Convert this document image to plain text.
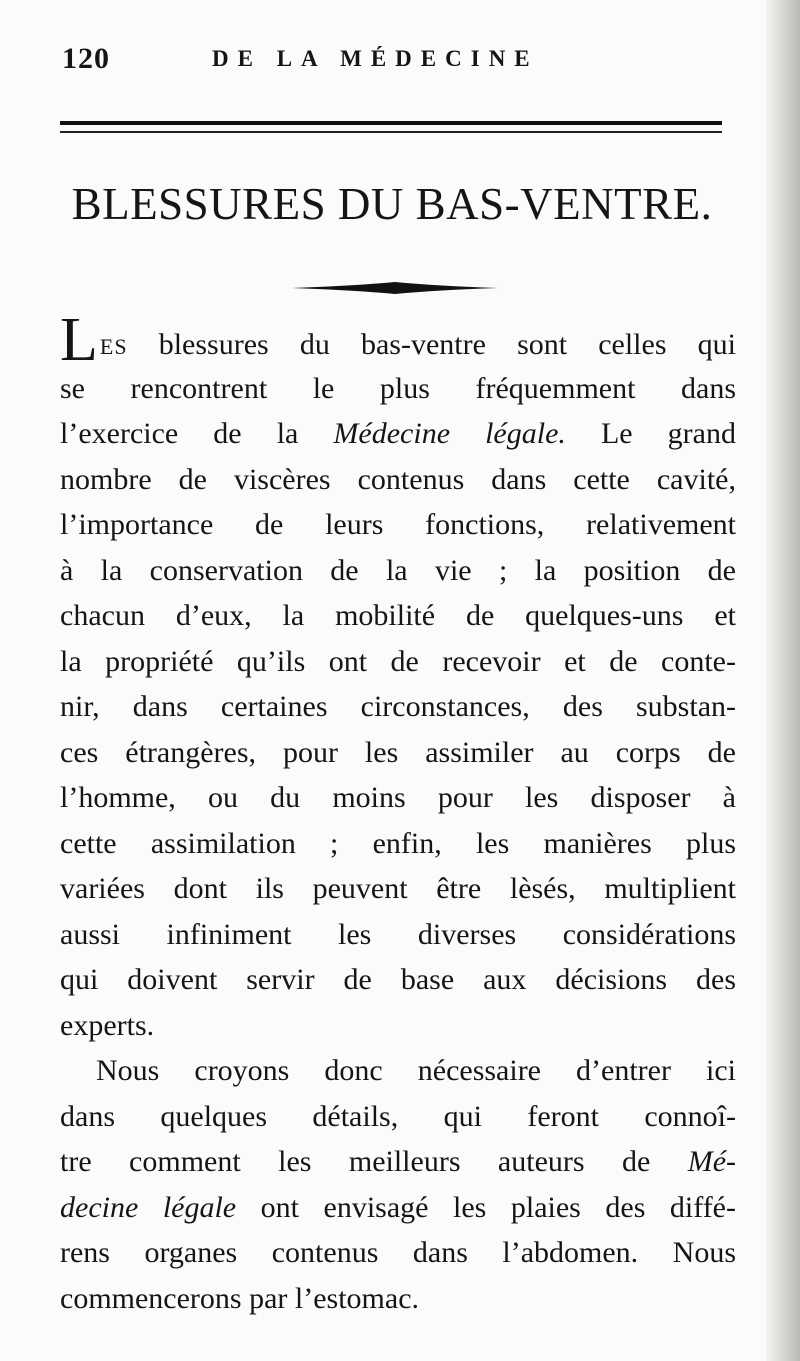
120	DE LA MÉDECINE
BLESSURES DU BAS-VENTRE.
LES blessures du bas-ventre sont celles qui
se rencontrent le plus fréquemment dans
l’exercice de la Médecine légale. Le grand
nombre de viscères contenus dans cette cavité,
l’importance de leurs fonctions, relativement
à la conservation de la vie ; la position de
chacun d’eux, la mobilité de quelques-uns et
la propriété qu’ils ont de recevoir et de conte-
nir, dans certaines circonstances, des substan-
ces étrangères, pour les assimiler au corps de
l’homme, ou du moins pour les disposer à
cette assimilation ; enfin, les manières plus
variées dont ils peuvent être lèsés, multiplient
aussi infiniment les diverses considérations
qui doivent servir de base aux décisions des
experts.
Nous croyons donc nécessaire d’entrer ici
dans quelques détails, qui feront connoî-
tre comment les meilleurs auteurs de Mé-
decine légale ont envisagé les plaies des diffé-
rens organes contenus dans l’abdomen. Nous
commencerons par l’estomac.
